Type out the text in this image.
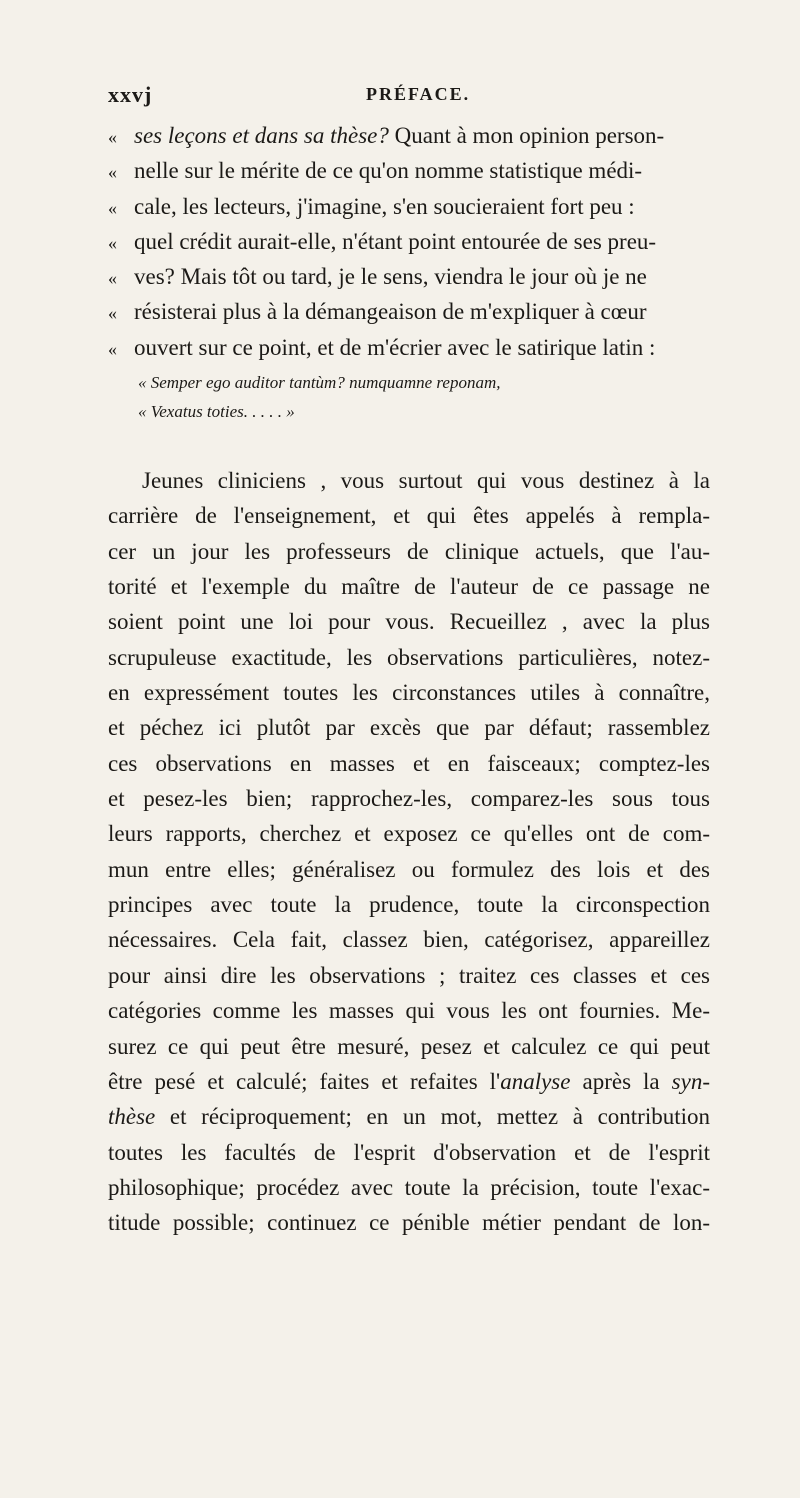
xxvj	PRÉFACE.
« ses leçons et dans sa thèse? Quant à mon opinion person-
« nelle sur le mérite de ce qu'on nomme statistique médi-
« cale, les lecteurs, j'imagine, s'en soucieraient fort peu :
« quel crédit aurait-elle, n'étant point entourée de ses preu-
« ves? Mais tôt ou tard, je le sens, viendra le jour où je ne
« résisterai plus à la démangeaison de m'expliquer à cœur
« ouvert sur ce point, et de m'écrier avec le satirique latin :
« Semper ego auditor tantùm? numquamne reponam,
« Vexatus toties. . . . . »
Jeunes cliniciens , vous surtout qui vous destinez à la
carrière de l'enseignement, et qui êtes appelés à rempla-
cer un jour les professeurs de clinique actuels, que l'au-
torité et l'exemple du maître de l'auteur de ce passage ne
soient point une loi pour vous. Recueillez , avec la plus
scrupuleuse exactitude, les observations particulières, notez-
en expressément toutes les circonstances utiles à connaître,
et péchez ici plutôt par excès que par défaut; rassemblez
ces observations en masses et en faisceaux; comptez-les
et pesez-les bien; rapprochez-les, comparez-les sous tous
leurs rapports, cherchez et exposez ce qu'elles ont de com-
mun entre elles; généralisez ou formulez des lois et des
principes avec toute la prudence, toute la circonspection
nécessaires. Cela fait, classez bien, catégorisez, appareillez
pour ainsi dire les observations ; traitez ces classes et ces
catégories comme les masses qui vous les ont fournies. Me-
surez ce qui peut être mesuré, pesez et calculez ce qui peut
être pesé et calculé; faites et refaites l'analyse après la syn-
thèse et réciproquement; en un mot, mettez à contribution
toutes les facultés de l'esprit d'observation et de l'esprit
philosophique; procédez avec toute la précision, toute l'exac-
titude possible; continuez ce pénible métier pendant de lon-
